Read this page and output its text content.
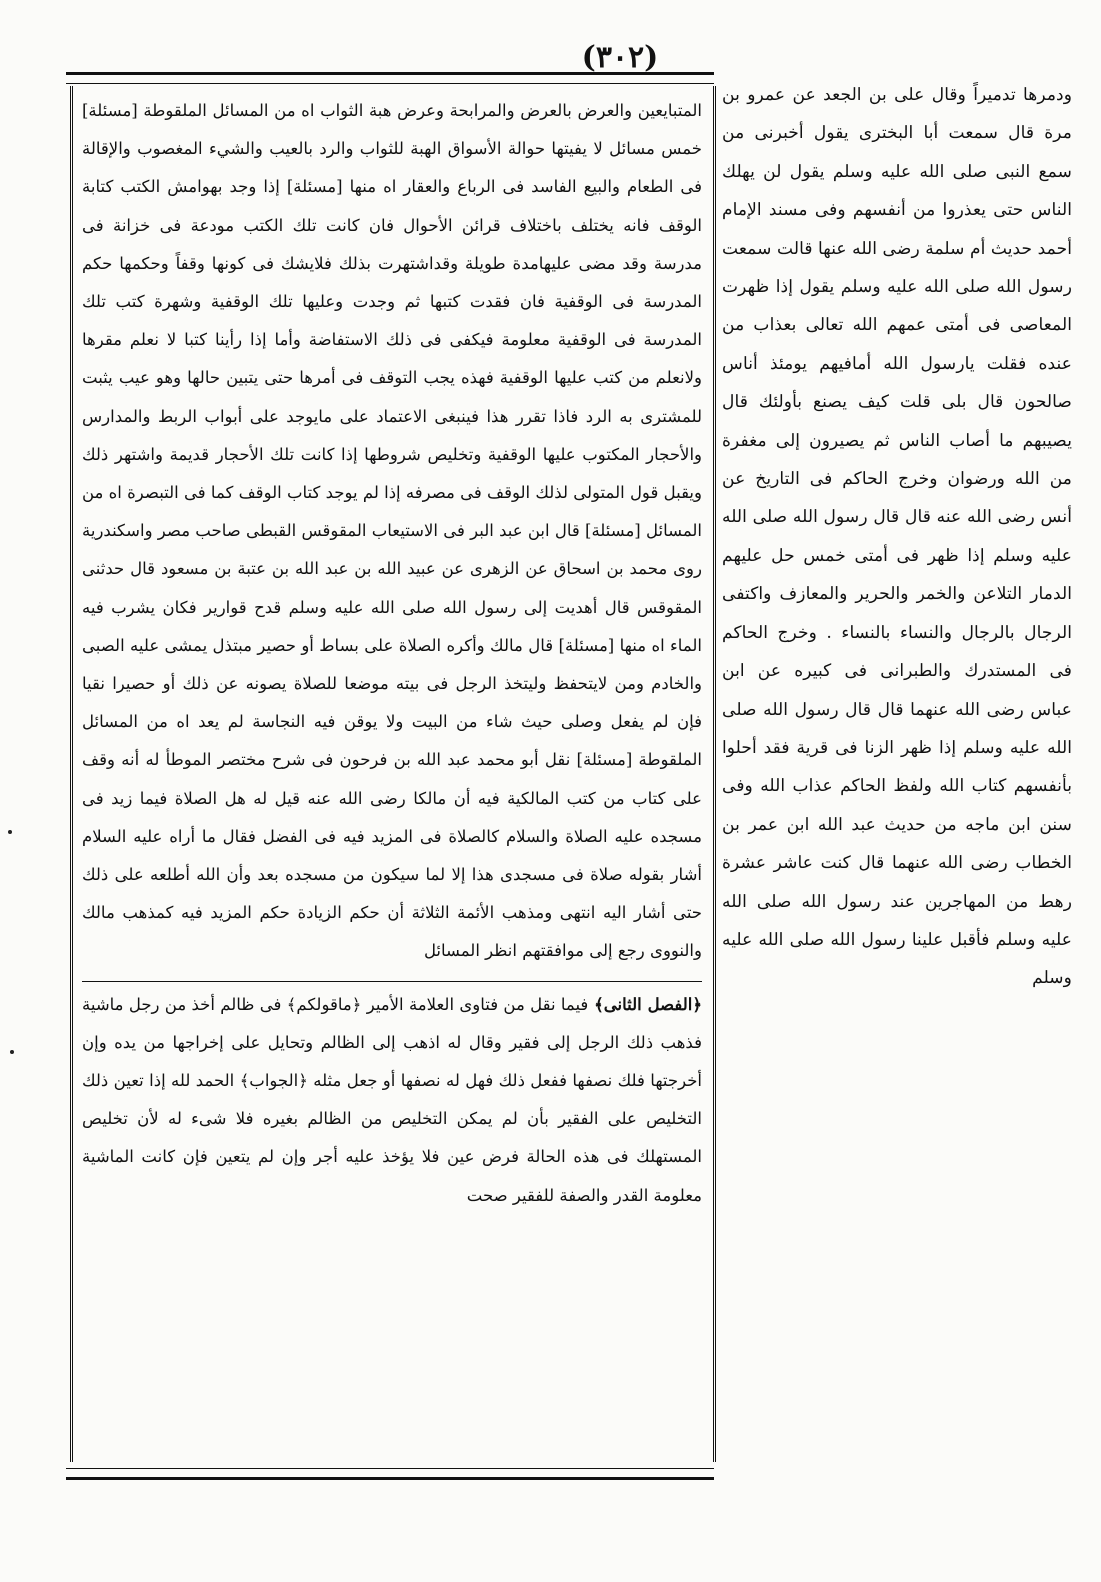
(٣٠٢)

المتبايعين والعرض بالعرض والمرابحة وعرض هبة الثواب اه من المسائل الملقوطة [مسئلة] خمس مسائل لا يفيتها حوالة الأسواق الهبة للثواب والرد بالعيب والشيء المغصوب والإقالة فى الطعام والبيع الفاسد فى الرباع والعقار اه منها [مسئلة] إذا وجد بهوامش الكتب كتابة الوقف فانه يختلف باختلاف قرائن الأحوال فان كانت تلك الكتب مودعة فى خزانة فى مدرسة وقد مضى عليهامدة طويلة وقداشتهرت بذلك فلايشك فى كونها وقفاً وحكمها حكم المدرسة فى الوقفية فان فقدت كتبها ثم وجدت وعليها تلك الوقفية وشهرة كتب تلك المدرسة فى الوقفية معلومة فيكفى فى ذلك الاستفاضة وأما إذا رأينا كتبا لا نعلم مقرها ولانعلم من كتب عليها الوقفية فهذه يجب التوقف فى أمرها حتى يتبين حالها وهو عيب يثبت للمشترى به الرد فاذا تقرر هذا فينبغى الاعتماد على مايوجد على أبواب الربط والمدارس والأحجار المكتوب عليها الوقفية وتخليص شروطها إذا كانت تلك الأحجار قديمة واشتهر ذلك ويقبل قول المتولى لذلك الوقف فى مصرفه إذا لم يوجد كتاب الوقف كما فى التبصرة اه من المسائل [مسئلة] قال ابن عبد البر فى الاستيعاب المقوقس القبطى صاحب مصر واسكندرية روى محمد بن اسحاق عن الزهرى عن عبيد الله بن عبد الله بن عتبة بن مسعود قال حدثنى المقوقس قال أهديت إلى رسول الله صلى الله عليه وسلم قدح قوارير فكان يشرب فيه الماء اه منها [مسئلة] قال مالك وأكره الصلاة على بساط أو حصير مبتذل يمشى عليه الصبى والخادم ومن لايتحفظ وليتخذ الرجل فى بيته موضعا للصلاة يصونه عن ذلك أو حصيرا نقيا فإن لم يفعل وصلى حيث شاء من البيت ولا يوقن فيه النجاسة لم يعد اه من المسائل الملقوطة [مسئلة] نقل أبو محمد عبد الله بن فرحون فى شرح مختصر الموطأ له أنه وقف على كتاب من كتب المالكية فيه أن مالكا رضى الله عنه قيل له هل الصلاة فيما زيد فى مسجده عليه الصلاة والسلام كالصلاة فى المزيد فيه فى الفضل فقال ما أراه عليه السلام أشار بقوله صلاة فى مسجدى هذا إلا لما سيكون من مسجده بعد وأن الله أطلعه على ذلك حتى أشار اليه انتهى ومذهب الأئمة الثلاثة أن حكم الزيادة حكم المزيد فيه كمذهب مالك والنووى رجع إلى موافقتهم انظر المسائل

﴿الفصل الثانى﴾ فيما نقل من فتاوى العلامة الأمير ﴿ماقولكم﴾ فى ظالم أخذ من رجل ماشية فذهب ذلك الرجل إلى فقير وقال له اذهب إلى الظالم وتحايل على إخراجها من يده وإن أخرجتها فلك نصفها ففعل ذلك فهل له نصفها أو جعل مثله ﴿الجواب﴾ الحمد لله إذا تعين ذلك التخليص على الفقير بأن لم يمكن التخليص من الظالم بغيره فلا شىء له لأن تخليص المستهلك فى هذه الحالة فرض عين فلا يؤخذ عليه أجر وإن لم يتعين فإن كانت الماشية معلومة القدر والصفة للفقير صحت

ودمرها تدميراً وقال على بن الجعد عن عمرو بن مرة قال سمعت أبا البخترى يقول أخبرنى من سمع النبى صلى الله عليه وسلم يقول لن يهلك الناس حتى يعذروا من أنفسهم وفى مسند الإمام أحمد حديث أم سلمة رضى الله عنها قالت سمعت رسول الله صلى الله عليه وسلم يقول إذا ظهرت المعاصى فى أمتى عمهم الله تعالى بعذاب من عنده فقلت يارسول الله أمافيهم يومئذ أناس صالحون قال بلى قلت كيف يصنع بأولئك قال يصيبهم ما أصاب الناس ثم يصيرون إلى مغفرة من الله ورضوان وخرج الحاكم فى التاريخ عن أنس رضى الله عنه قال قال رسول الله صلى الله عليه وسلم إذا ظهر فى أمتى خمس حل عليهم الدمار التلاعن والخمر والحرير والمعازف واكتفى الرجال بالرجال والنساء بالنساء . وخرج الحاكم فى المستدرك والطبرانى فى كبيره عن ابن عباس رضى الله عنهما قال قال رسول الله صلى الله عليه وسلم إذا ظهر الزنا فى قرية فقد أحلوا بأنفسهم كتاب الله ولفظ الحاكم عذاب الله وفى سنن ابن ماجه من حديث عبد الله ابن عمر بن الخطاب رضى الله عنهما قال كنت عاشر عشرة رهط من المهاجرين عند رسول الله صلى الله عليه وسلم فأقبل علينا رسول الله صلى الله عليه وسلم
